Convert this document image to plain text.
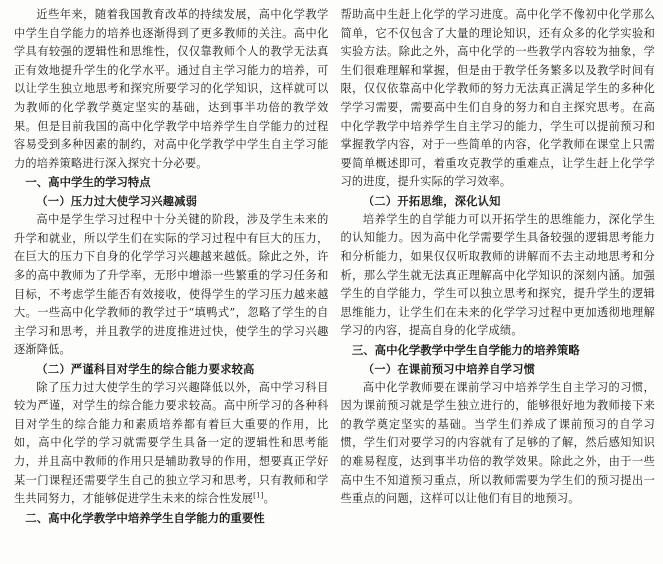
近些年来，随着我国教育改革的持续发展，高中化学教学中学生自学能力的培养也逐渐得到了更多教师的关注。高中化学具有较强的逻辑性和思维性，仅仅靠教师个人的教学无法真正有效地提升学生的化学水平。通过自主学习能力的培养，可以让学生独立地思考和探究所要学习的化学知识，这样就可以为教师的化学教学奠定坚实的基础，达到事半功倍的教学效果。但是目前我国的高中化学教学中培养学生自学能力的过程容易受到多种因素的制约，对高中化学教学中学生自主学习能力的培养策略进行深入探究十分必要。

一、高中学生的学习特点
（一）压力过大使学习兴趣减弱

高中是学生学习过程中十分关键的阶段，涉及学生未来的升学和就业，所以学生们在实际的学习过程中有巨大的压力，在巨大的压力下自身的化学学习兴趣越来越低。除此之外，许多的高中教师为了升学率，无形中增添一些繁重的学习任务和目标，不考虑学生能否有效接收，使得学生的学习压力越来越大。一些高中化学教师的教学过于“填鸭式”，忽略了学生的自主学习和思考，并且教学的进度推进过快，使学生的学习兴趣逐渐降低。

（二）严谨科目对学生的综合能力要求较高

除了压力过大使学生的学习兴趣降低以外，高中学习科目较为严谨，对学生的综合能力要求较高。高中所学习的各种科目对学生的综合能力和素质培养都有着巨大重要的作用，比如，高中化学的学习就需要学生具备一定的逻辑性和思考能力，并且高中教师的作用只是辅助教导的作用，想要真正学好某一门课程还需要学生自己的独立学习和思考，只有教师和学生共同努力，才能够促进学生未来的综合性发展[1]。

二、高中化学教学中培养学生自学能力的重要性

帮助高中生赶上化学的学习进度。高中化学不像初中化学那么简单，它不仅包含了大量的理论知识，还有众多的化学实验和实验方法。除此之外，高中化学的一些教学内容较为抽象，学生们很难理解和掌握，但是由于教学任务繁多以及教学时间有限，仅仅依靠高中化学教师的努力无法真正满足学生的多种化学学习需要，需要高中生们自身的努力和自主探究思考。在高中化学教学中培养学生自主学习的能力，学生可以提前预习和掌握教学内容，对于一些简单的内容，化学教师在课堂上只需要简单概述即可，着重攻克教学的重难点，让学生赶上化学学习的进度，提升实际的学习效率。

（二）开拓思维，深化认知

培养学生的自学能力可以开拓学生的思维能力，深化学生的认知能力。因为高中化学需要学生具备较强的逻辑思考能力和分析能力，如果仅仅听取教师的讲解而不去主动地思考和分析，那么学生就无法真正理解高中化学知识的深刻内涵。加强学生的自学能力，学生可以独立思考和探究，提升学生的逻辑思维能力，让学生们在未来的化学学习过程中更加透彻地理解学习的内容，提高自身的化学成绩。

三、高中化学教学中学生自学能力的培养策略
（一）在课前预习中培养自学习惯

高中化学教师要在课前学习中培养学生自主学习的习惯，因为课前预习就是学生独立进行的，能够很好地为教师接下来的教学奠定坚实的基础。当学生们养成了课前预习的自学习惯，学生们对要学习的内容就有了足够的了解，然后感知知识的难易程度，达到事半功倍的教学效果。除此之外，由于一些高中生不知道预习重点，所以教师需要为学生们的预习提出一些重点的问题，这样可以让他们有目的地预习。
